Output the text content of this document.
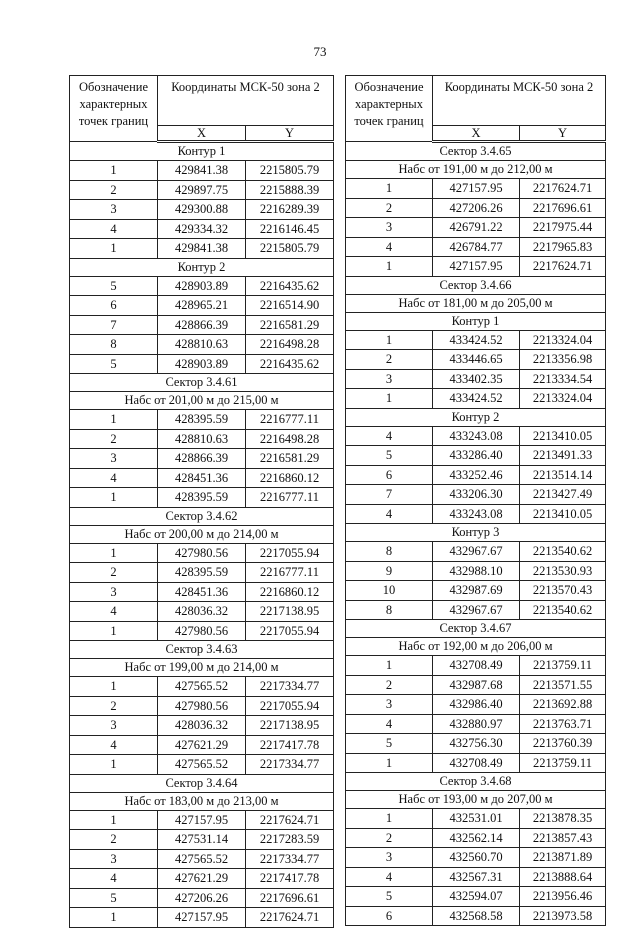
73
Обозначение характерных точек границ	Координаты МСК-50 зона 2	
	X	Y
Контур 1		
1	429841.38	2215805.79
2	429897.75	2215888.39
3	429300.88	2216289.39
4	429334.32	2216146.45
1	429841.38	2215805.79
Контур 2		
5	428903.89	2216435.62
6	428965.21	2216514.90
7	428866.39	2216581.29
8	428810.63	2216498.28
5	428903.89	2216435.62
Сектор 3.4.61		
Набс от 201,00 м до 215,00 м		
1	428395.59	2216777.11
2	428810.63	2216498.28
3	428866.39	2216581.29
4	428451.36	2216860.12
1	428395.59	2216777.11
Сектор 3.4.62		
Набс от 200,00 м до 214,00 м		
1	427980.56	2217055.94
2	428395.59	2216777.11
3	428451.36	2216860.12
4	428036.32	2217138.95
1	427980.56	2217055.94
Сектор 3.4.63		
Набс от 199,00 м до 214,00 м		
1	427565.52	2217334.77
2	427980.56	2217055.94
3	428036.32	2217138.95
4	427621.29	2217417.78
1	427565.52	2217334.77
Сектор 3.4.64		
Набс от 183,00 м до 213,00 м		
1	427157.95	2217624.71
2	427531.14	2217283.59
3	427565.52	2217334.77
4	427621.29	2217417.78
5	427206.26	2217696.61
1	427157.95	2217624.71
Обозначение характерных точек границ	Координаты МСК-50 зона 2	
	X	Y
Сектор 3.4.65		
Набс от 191,00 м до 212,00 м		
1	427157.95	2217624.71
2	427206.26	2217696.61
3	426791.22	2217975.44
4	426784.77	2217965.83
1	427157.95	2217624.71
Сектор 3.4.66		
Набс от 181,00 м до 205,00 м		
Контур 1		
1	433424.52	2213324.04
2	433446.65	2213356.98
3	433402.35	2213334.54
1	433424.52	2213324.04
Контур 2		
4	433243.08	2213410.05
5	433286.40	2213491.33
6	433252.46	2213514.14
7	433206.30	2213427.49
4	433243.08	2213410.05
Контур 3		
8	432967.67	2213540.62
9	432988.10	2213530.93
10	432987.69	2213570.43
8	432967.67	2213540.62
Сектор 3.4.67		
Набс от 192,00 м до 206,00 м		
1	432708.49	2213759.11
2	432987.68	2213571.55
3	432986.40	2213692.88
4	432880.97	2213763.71
5	432756.30	2213760.39
1	432708.49	2213759.11
Сектор 3.4.68		
Набс от 193,00 м до 207,00 м		
1	432531.01	2213878.35
2	432562.14	2213857.43
3	432560.70	2213871.89
4	432567.31	2213888.64
5	432594.07	2213956.46
6	432568.58	2213973.58
